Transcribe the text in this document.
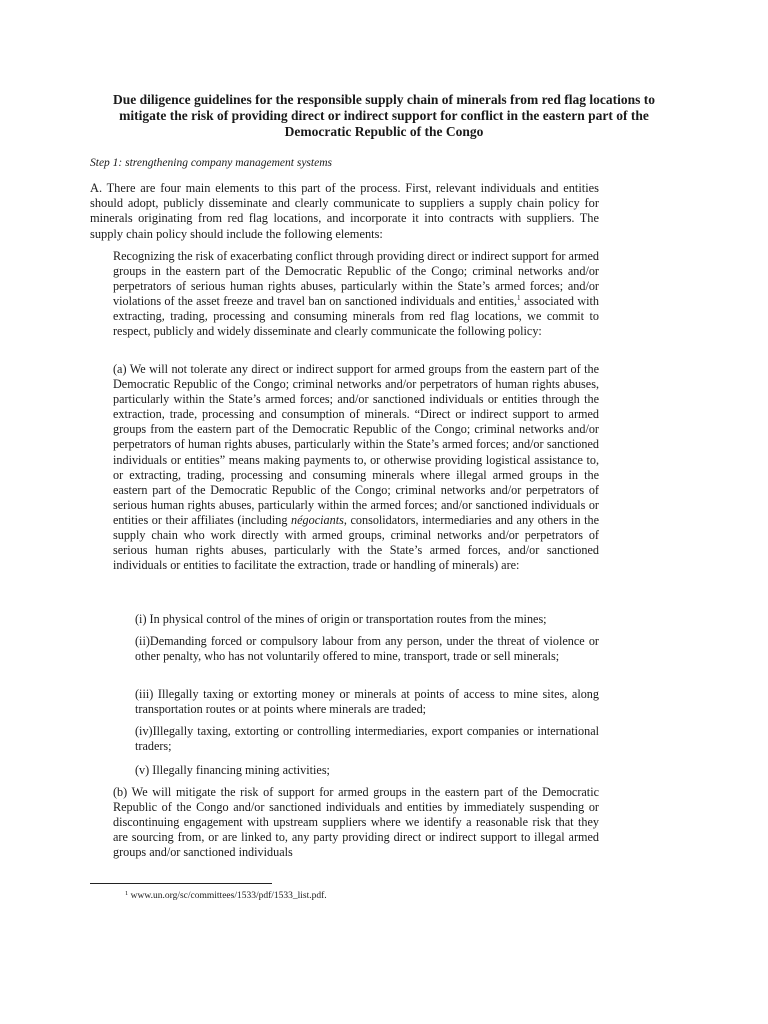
Due diligence guidelines for the responsible supply chain of minerals from red flag locations to mitigate the risk of providing direct or indirect support for conflict in the eastern part of the Democratic Republic of the Congo
Step 1: strengthening company management systems
A. There are four main elements to this part of the process. First, relevant individuals and entities should adopt, publicly disseminate and clearly communicate to suppliers a supply chain policy for minerals originating from red flag locations, and incorporate it into contracts with suppliers. The supply chain policy should include the following elements:
Recognizing the risk of exacerbating conflict through providing direct or indirect support for armed groups in the eastern part of the Democratic Republic of the Congo; criminal networks and/or perpetrators of serious human rights abuses, particularly within the State’s armed forces; and/or violations of the asset freeze and travel ban on sanctioned individuals and entities,$^1$ associated with extracting, trading, processing and consuming minerals from red flag locations, we commit to respect, publicly and widely disseminate and clearly communicate the following policy:
(a) We will not tolerate any direct or indirect support for armed groups from the eastern part of the Democratic Republic of the Congo; criminal networks and/or perpetrators of human rights abuses, particularly within the State’s armed forces; and/or sanctioned individuals or entities through the extraction, trade, processing and consumption of minerals. “Direct or indirect support to armed groups from the eastern part of the Democratic Republic of the Congo; criminal networks and/or perpetrators of human rights abuses, particularly within the State’s armed forces; and/or sanctioned individuals or entities” means making payments to, or otherwise providing logistical assistance to, or extracting, trading, processing and consuming minerals where illegal armed groups in the eastern part of the Democratic Republic of the Congo; criminal networks and/or perpetrators of serious human rights abuses, particularly within the armed forces; and/or sanctioned individuals or entities or their affiliates (including négociants, consolidators, intermediaries and any others in the supply chain who work directly with armed groups, criminal networks and/or perpetrators of serious human rights abuses, particularly with the State’s armed forces, and/or sanctioned individuals or entities to facilitate the extraction, trade or handling of minerals) are:
(i) In physical control of the mines of origin or transportation routes from the mines;
(ii)Demanding forced or compulsory labour from any person, under the threat of violence or other penalty, who has not voluntarily offered to mine, transport, trade or sell minerals;
(iii) Illegally taxing or extorting money or minerals at points of access to mine sites, along transportation routes or at points where minerals are traded;
(iv)Illegally taxing, extorting or controlling intermediaries, export companies or international traders;
(v) Illegally financing mining activities;
(b) We will mitigate the risk of support for armed groups in the eastern part of the Democratic Republic of the Congo and/or sanctioned individuals and entities by immediately suspending or discontinuing engagement with upstream suppliers where we identify a reasonable risk that they are sourcing from, or are linked to, any party providing direct or indirect support to illegal armed groups and/or sanctioned individuals
$^1$ www.un.org/sc/committees/1533/pdf/1533_list.pdf.
